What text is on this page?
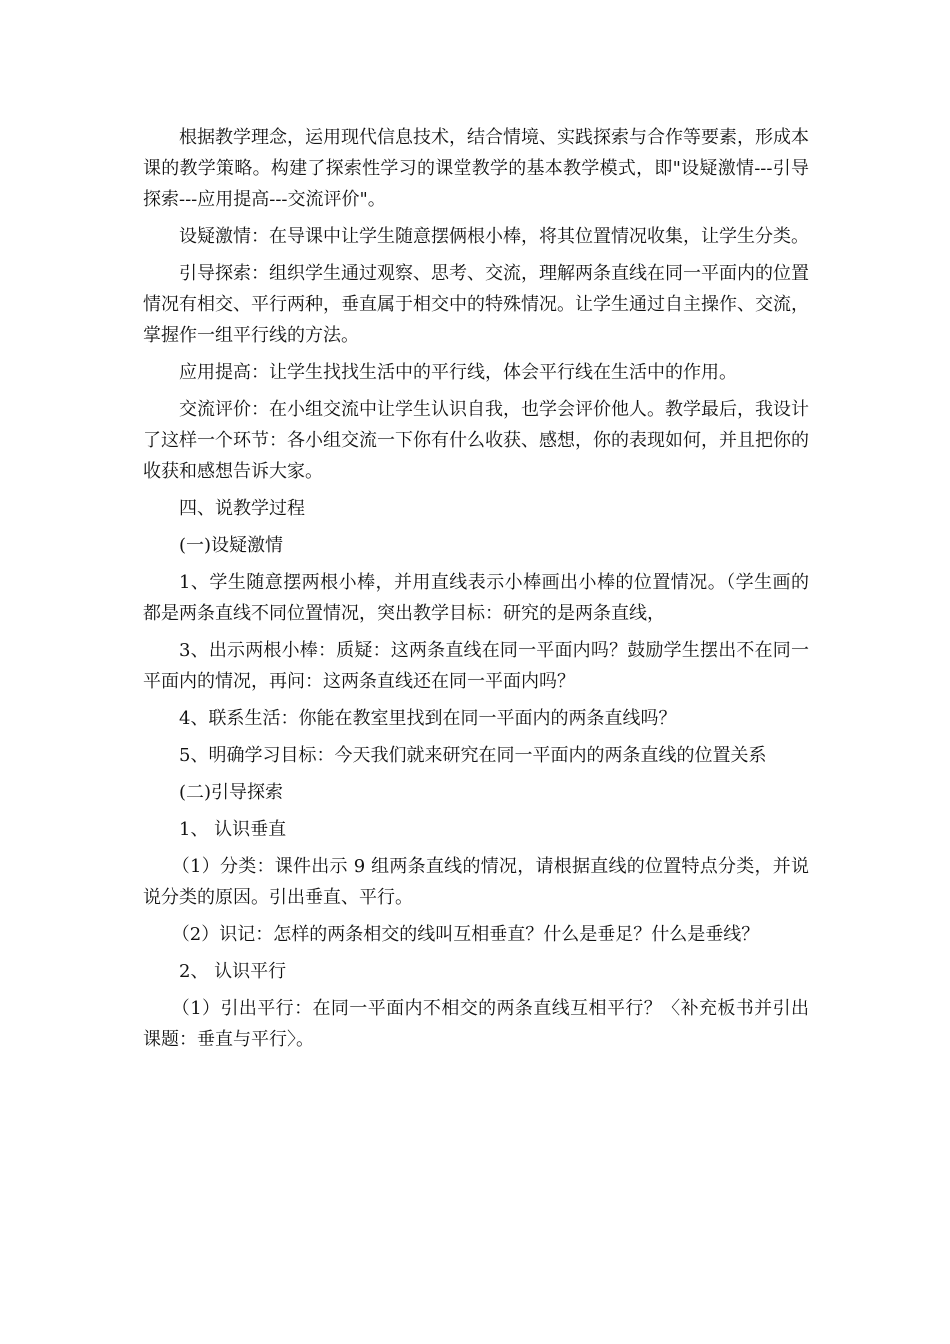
根据教学理念，运用现代信息技术，结合情境、实践探索与合作等要素，形成本课的教学策略。构建了探索性学习的课堂教学的基本教学模式，即"设疑激情---引导探索---应用提高---交流评价"。

设疑激情：在导课中让学生随意摆俩根小棒，将其位置情况收集，让学生分类。

引导探索：组织学生通过观察、思考、交流，理解两条直线在同一平面内的位置情况有相交、平行两种，垂直属于相交中的特殊情况。让学生通过自主操作、交流，掌握作一组平行线的方法。

应用提高：让学生找找生活中的平行线，体会平行线在生活中的作用。

交流评价：在小组交流中让学生认识自我，也学会评价他人。教学最后，我设计了这样一个环节：各小组交流一下你有什么收获、感想，你的表现如何，并且把你的收获和感想告诉大家。

四、说教学过程

(一)设疑激情

1、学生随意摆两根小棒，并用直线表示小棒画出小棒的位置情况。（学生画的都是两条直线不同位置情况，突出教学目标：研究的是两条直线，

3、出示两根小棒：质疑：这两条直线在同一平面内吗？鼓励学生摆出不在同一平面内的情况，再问：这两条直线还在同一平面内吗？

4、联系生活：你能在教室里找到在同一平面内的两条直线吗？

5、明确学习目标：今天我们就来研究在同一平面内的两条直线的位置关系

(二)引导探索

1、 认识垂直

（1）分类：课件出示 9 组两条直线的情况，请根据直线的位置特点分类，并说说分类的原因。引出垂直、平行。

（2）识记：怎样的两条相交的线叫互相垂直？什么是垂足？什么是垂线？

2、 认识平行

（1）引出平行：在同一平面内不相交的两条直线互相平行？〈补充板书并引出课题：垂直与平行〉。
